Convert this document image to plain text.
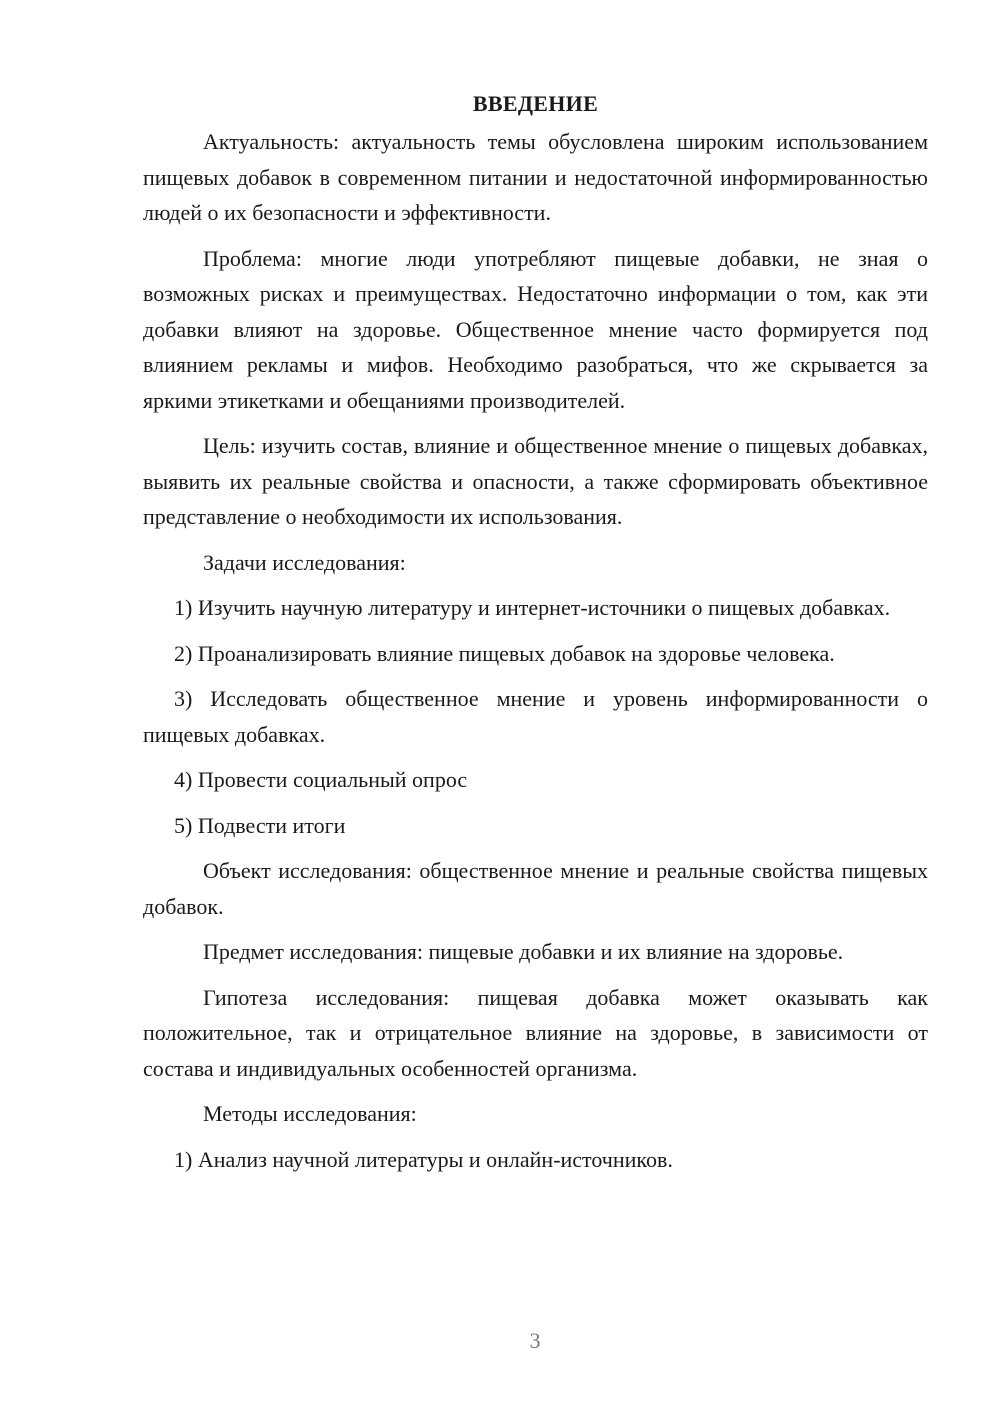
ВВЕДЕНИЕ

Актуальность: актуальность темы обусловлена широким использованием пищевых добавок в современном питании и недостаточной информированностью людей о их безопасности и эффективности.

Проблема: многие люди употребляют пищевые добавки, не зная о возможных рисках и преимуществах. Недостаточно информации о том, как эти добавки влияют на здоровье. Общественное мнение часто формируется под влиянием рекламы и мифов. Необходимо разобраться, что же скрывается за яркими этикетками и обещаниями производителей.

Цель: изучить состав, влияние и общественное мнение о пищевых добавках, выявить их реальные свойства и опасности, а также сформировать объективное представление о необходимости их использования.

Задачи исследования:

1) Изучить научную литературу и интернет-источники о пищевых добавках.

2) Проанализировать влияние пищевых добавок на здоровье человека.

3) Исследовать общественное мнение и уровень информированности о пищевых добавках.

4) Провести социальный опрос

5) Подвести итоги

Объект исследования: общественное мнение и реальные свойства пищевых добавок.

Предмет исследования: пищевые добавки и их влияние на здоровье.

Гипотеза исследования: пищевая добавка может оказывать как положительное, так и отрицательное влияние на здоровье, в зависимости от состава и индивидуальных особенностей организма.

Методы исследования:

1) Анализ научной литературы и онлайн-источников.

3
